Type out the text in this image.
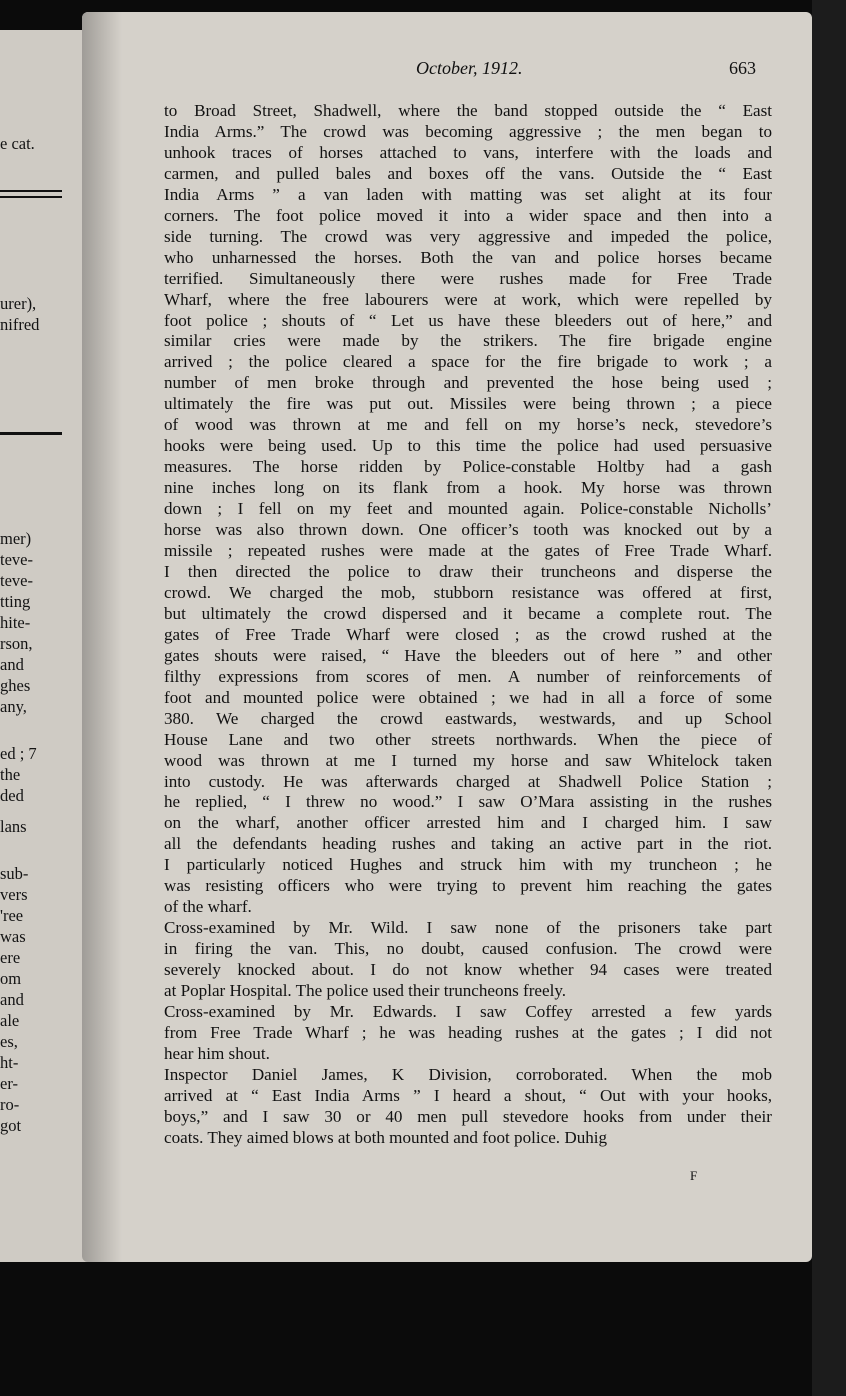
e cat.
urer),
nifred
mer)
teve-
teve-
tting
hite-
rson,
and
ghes
any,
ed ; 7
the
ded
lans
sub-
vers
'ree
was
ere
om
and
ale
es,
ht-
er-
ro-
got
October, 1912.	663
to Broad Street, Shadwell, where the band stopped outside the “ East
India Arms.” The crowd was becoming aggressive ; the men began to
unhook traces of horses attached to vans, interfere with the loads and
carmen, and pulled bales and boxes off the vans. Outside the “ East
India Arms ” a van laden with matting was set alight at its four
corners. The foot police moved it into a wider space and then into a
side turning. The crowd was very aggressive and impeded the police,
who unharnessed the horses. Both the van and police horses became
terrified. Simultaneously there were rushes made for Free Trade
Wharf, where the free labourers were at work, which were repelled by
foot police ; shouts of “ Let us have these bleeders out of here,” and
similar cries were made by the strikers. The fire brigade engine
arrived ; the police cleared a space for the fire brigade to work ; a
number of men broke through and prevented the hose being used ;
ultimately the fire was put out. Missiles were being thrown ; a piece
of wood was thrown at me and fell on my horse’s neck, stevedore’s
hooks were being used. Up to this time the police had used persuasive
measures. The horse ridden by Police-constable Holtby had a gash
nine inches long on its flank from a hook. My horse was thrown
down ; I fell on my feet and mounted again. Police-constable Nicholls’
horse was also thrown down. One officer’s tooth was knocked out by a
missile ; repeated rushes were made at the gates of Free Trade Wharf.
I then directed the police to draw their truncheons and disperse the
crowd. We charged the mob, stubborn resistance was offered at first,
but ultimately the crowd dispersed and it became a complete rout. The
gates of Free Trade Wharf were closed ; as the crowd rushed at the
gates shouts were raised, “ Have the bleeders out of here ” and other
filthy expressions from scores of men. A number of reinforcements of
foot and mounted police were obtained ; we had in all a force of some
380. We charged the crowd eastwards, westwards, and up School
House Lane and two other streets northwards. When the piece of
wood was thrown at me I turned my horse and saw Whitelock taken
into custody. He was afterwards charged at Shadwell Police Station ;
he replied, “ I threw no wood.” I saw O’Mara assisting in the rushes
on the wharf, another officer arrested him and I charged him. I saw
all the defendants heading rushes and taking an active part in the riot.
I particularly noticed Hughes and struck him with my truncheon ; he
was resisting officers who were trying to prevent him reaching the gates
of the wharf.
Cross-examined by Mr. Wild. I saw none of the prisoners take part
in firing the van. This, no doubt, caused confusion. The crowd were
severely knocked about. I do not know whether 94 cases were treated
at Poplar Hospital. The police used their truncheons freely.
Cross-examined by Mr. Edwards. I saw Coffey arrested a few yards
from Free Trade Wharf ; he was heading rushes at the gates ; I did not
hear him shout.
Inspector Daniel James, K Division, corroborated. When the mob
arrived at “ East India Arms ” I heard a shout, “ Out with your hooks,
boys,” and I saw 30 or 40 men pull stevedore hooks from under their
coats. They aimed blows at both mounted and foot police. Duhig
F
